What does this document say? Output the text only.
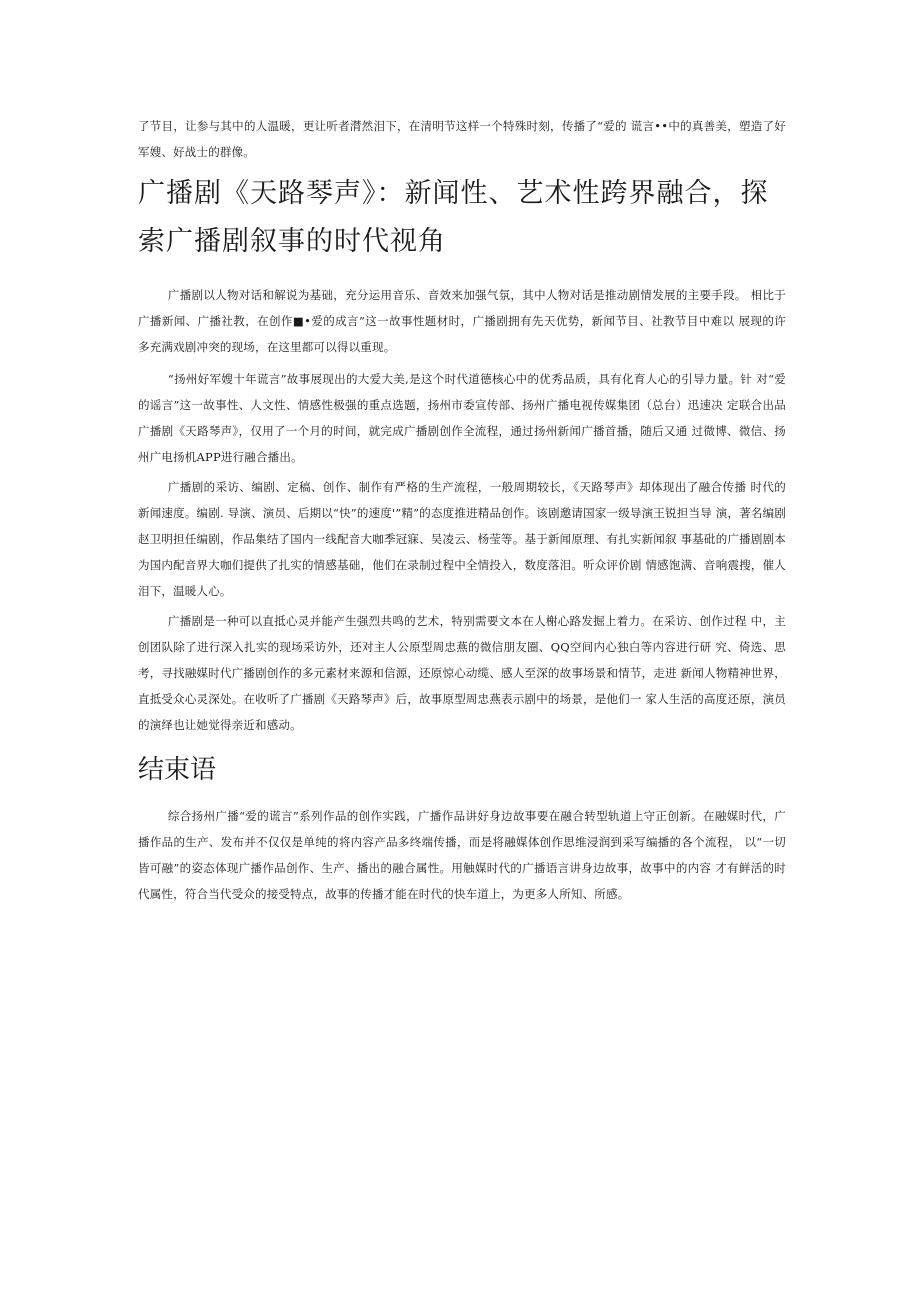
了节目，让参与其中的人温暖，更让听者潸然泪下，在清明节这样一个特殊时刻，传播了“爱的 谎言••中的真善美，塑造了好军嫂、好战士的群像。

广播剧《天路琴声》：新闻性、艺术性跨界融合，探 索广播剧叙事的时代视角

广播剧以人物对话和解说为基础，充分运用音乐、音效来加强气氛，其中人物对话是推动剧情发展的主要手段。 相比于广播新闻、广播社教，在创作■•爱的成言”这一故事性题材时，广播剧拥有先天优势，新闻节目、社教节目中难以 展现的许多充满戏剧冲突的现场，在这里都可以得以重现。

“扬州好军嫂十年谎言”故事展现出的大爱大美,是这个时代道德核心中的优秀品质，具有化育人心的引导力量。针 对“爱的谣言”这一故事性、人文性、情感性极强的重点选题，扬州市委宣传部、扬州广播电视传媒集团（总台）迅速决 定联合出品广播剧《天路琴声》，仅用了一个月的时间，就完成广播剧创作全流程，通过扬州新闻广播首播，随后又通 过微博、微信、扬州广电扬机APP进行融合播出。

广播剧的采访、编剧、定稿、创作、制作有严格的生产流程，一般周期较长，《天路琴声》却体现出了融合传播 时代的新闻速度。编剧. 导演、演员、后期以“快”的速度'”精”的态度推进精品创作。该剧邀请国家一级导演王锐担当导 演，著名编剧赵卫明担任编剧，作品集结了国内一线配音大咖季冠寐、吴凌云、杨莹等。基于新闻原理、有扎实新闻叙 事基砒的广播剧剧本为国内配音界大咖们提供了扎实的情感基础，他们在录制过程中全情投入，数度落泪。听众评价剧 情感饱满、音响震搜，催人泪下，温暖人心。

广播剧是一种可以直抵心灵并能产生强烈共鸣的艺术，特别需要文本在人榭心路发掘上着力。在采访、创作过程 中，主创团队除了进行深入扎实的现场采访外，还对主人公原型周忠燕的微信朋友圈、QQ空间内心独白等内容进行研 究、倚选、思考，寻找融媒时代广播剧创作的多元素材来源和信源，还原惊心动缆、感人至深的故事场景和情节，走进 新闻人物精神世界，直抵受众心灵深处。在收听了广播剧《天路琴声》后，故事原型周忠燕表示剧中的场景，是他们一 家人生活的高度还原，演员的演绎也让她觉得亲近和感动。

结束语

综合扬州广播“爱的谎言”系列作品的创作实践，广播作品讲好身边故事要在融合转型轨道上守正创新。在融媒时代，广播作品的生产、发布并不仅仅是单纯的将内容产品多终端传播，而是将融媒体创作思维浸润到采写编播的各个流程， 以“一切皆可融”的姿态体现广播作品创作、生产、播出的融合属性。用触媒时代的广播语言讲身边故事，故事中的内容 才有鲜活的时代属性，符合当代受众的接受特点，故事的传播才能在时代的快车道上，为更多人所知、所感。
